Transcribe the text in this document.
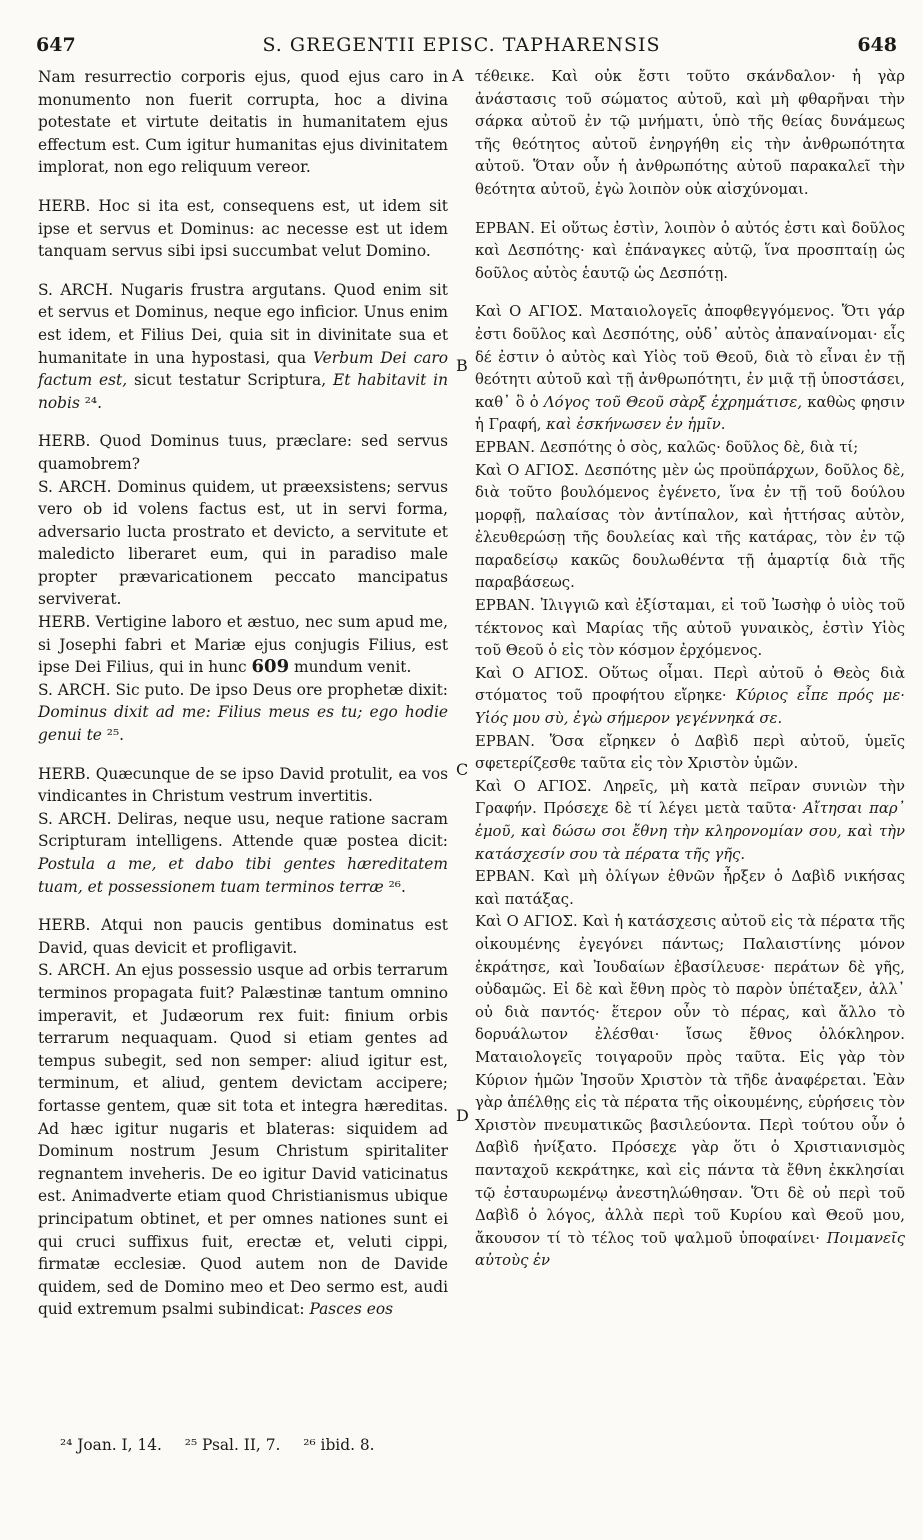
647	S. GREGENTII EPISC. TAPHARENSIS	648

Nam resurrectio corporis ejus, quod ejus caro in monumento non fuerit corrupta, hoc a divina potestate et virtute deitatis in humanitatem ejus effectum est. Cum igitur humanitas ejus divinitatem implorat, non ego reliquum vereor.

HERB. Hoc si ita est, consequens est, ut idem sit ipse et servus et Dominus: ac necesse est ut idem tanquam servus sibi ipsi succumbat velut Domino.

S. ARCH. Nugaris frustra argutans. Quod enim sit et servus et Dominus, neque ego inficior. Unus enim est idem, et Filius Dei, quia sit in divinitate sua et humanitate in una hypostasi, qua Verbum Dei caro factum est, sicut testatur Scriptura, Et habitavit in nobis ²⁴.

HERB. Quod Dominus tuus, præclare: sed servus quamobrem?

S. ARCH. Dominus quidem, ut præexsistens; servus vero ob id volens factus est, ut in servi forma, adversario lucta prostrato et devicto, a servitute et maledicto liberaret eum, qui in paradiso male propter prævaricationem peccato mancipatus serviverat.

HERB. Vertigine laboro et æstuo, nec sum apud me, si Josephi fabri et Mariæ ejus conjugis Filius, est ipse Dei Filius, qui in hunc 609 mundum venit.

S. ARCH. Sic puto. De ipso Deus ore prophetæ dixit: Dominus dixit ad me: Filius meus es tu; ego hodie genui te ²⁵.

HERB. Quæcunque de se ipso David protulit, ea vos vindicantes in Christum vestrum invertitis.

S. ARCH. Deliras, neque usu, neque ratione sacram Scripturam intelligens. Attende quæ postea dicit: Postula a me, et dabo tibi gentes hæreditatem tuam, et possessionem tuam terminos terræ ²⁶.

HERB. Atqui non paucis gentibus dominatus est David, quas devicit et profligavit.

S. ARCH. An ejus possessio usque ad orbis terrarum terminos propagata fuit? Palæstinæ tantum omnino imperavit, et Judæorum rex fuit: finium orbis terrarum nequaquam. Quod si etiam gentes ad tempus subegit, sed non semper: aliud igitur est, terminum, et aliud, gentem devictam accipere; fortasse gentem, quæ sit tota et integra hæreditas. Ad hæc igitur nugaris et blateras: siquidem ad Dominum nostrum Jesum Christum spiritaliter regnantem inveheris. De eo igitur David vaticinatus est. Animadverte etiam quod Christianismus ubique principatum obtinet, et per omnes nationes sunt ei qui cruci suffixus fuit, erectæ et, veluti cippi, firmatæ ecclesiæ. Quod autem non de Davide quidem, sed de Domino meo et Deo sermo est, audi quid extremum psalmi subindicat: Pasces eos

A
B
C
D

τέθεικε. Καὶ οὐκ ἔστι τοῦτο σκάνδαλον· ἡ γὰρ ἀνάστασις τοῦ σώματος αὐτοῦ, καὶ μὴ φθαρῆναι τὴν σάρκα αὐτοῦ ἐν τῷ μνήματι, ὑπὸ τῆς θείας δυνάμεως τῆς θεότητος αὐτοῦ ἐνηργήθη εἰς τὴν ἀνθρωπότητα αὐτοῦ. Ὅταν οὖν ἡ ἀνθρωπότης αὐτοῦ παρακαλεῖ τὴν θεότητα αὐτοῦ, ἐγὼ λοιπὸν οὐκ αἰσχύνομαι.

ΕΡΒΑΝ. Εἰ οὕτως ἐστὶν, λοιπὸν ὁ αὐτός ἐστι καὶ δοῦλος καὶ Δεσπότης· καὶ ἐπάναγκες αὐτῷ, ἵνα προσπταίῃ ὡς δοῦλος αὐτὸς ἑαυτῷ ὡς Δεσπότῃ.

Καὶ Ο ΑΓΙΟΣ. Ματαιολογεῖς ἀποφθεγγόμενος. Ὅτι γάρ ἐστι δοῦλος καὶ Δεσπότης, οὐδ᾽ αὐτὸς ἀπαναίνομαι· εἷς δέ ἐστιν ὁ αὐτὸς καὶ Υἱὸς τοῦ Θεοῦ, διὰ τὸ εἶναι ἐν τῇ θεότητι αὐτοῦ καὶ τῇ ἀνθρωπότητι, ἐν μιᾷ τῇ ὑποστάσει, καθ᾽ ὃ ὁ Λόγος τοῦ Θεοῦ σὰρξ ἐχρημάτισε, καθὼς φησιν ἡ Γραφή, καὶ ἐσκήνωσεν ἐν ἡμῖν.

ΕΡΒΑΝ. Δεσπότης ὁ σὸς, καλῶς· δοῦλος δὲ, διὰ τί;

Καὶ Ο ΑΓΙΟΣ. Δεσπότης μὲν ὡς προϋπάρχων, δοῦλος δὲ, διὰ τοῦτο βουλόμενος ἐγένετο, ἵνα ἐν τῇ τοῦ δούλου μορφῇ, παλαίσας τὸν ἀντίπαλον, καὶ ἡττήσας αὐτὸν, ἐλευθερώσῃ τῆς δουλείας καὶ τῆς κατάρας, τὸν ἐν τῷ παραδείσῳ κακῶς δουλωθέντα τῇ ἁμαρτίᾳ διὰ τῆς παραβάσεως.

ΕΡΒΑΝ. Ἰλιγγιῶ καὶ ἐξίσταμαι, εἰ τοῦ Ἰωσὴφ ὁ υἱὸς τοῦ τέκτονος καὶ Μαρίας τῆς αὐτοῦ γυναικὸς, ἐστὶν Υἱὸς τοῦ Θεοῦ ὁ εἰς τὸν κόσμον ἐρχόμενος.

Καὶ Ο ΑΓΙΟΣ. Οὕτως οἶμαι. Περὶ αὐτοῦ ὁ Θεὸς διὰ στόματος τοῦ προφήτου εἴρηκε· Κύριος εἶπε πρός με· Υἱός μου σὺ, ἐγὼ σήμερον γεγέννηκά σε.

ΕΡΒΑΝ. Ὅσα εἴρηκεν ὁ Δαβὶδ περὶ αὐτοῦ, ὑμεῖς σφετερίζεσθε ταῦτα εἰς τὸν Χριστὸν ὑμῶν.

Καὶ Ο ΑΓΙΟΣ. Ληρεῖς, μὴ κατὰ πεῖραν συνιὼν τὴν Γραφήν. Πρόσεχε δὲ τί λέγει μετὰ ταῦτα· Αἴτησαι παρ᾽ ἐμοῦ, καὶ δώσω σοι ἔθνη τὴν κληρονομίαν σου, καὶ τὴν κατάσχεσίν σου τὰ πέρατα τῆς γῆς.

ΕΡΒΑΝ. Καὶ μὴ ὀλίγων ἐθνῶν ἦρξεν ὁ Δαβὶδ νικήσας καὶ πατάξας.

Καὶ Ο ΑΓΙΟΣ. Καὶ ἡ κατάσχεσις αὐτοῦ εἰς τὰ πέρατα τῆς οἰκουμένης ἐγεγόνει πάντως; Παλαιστίνης μόνον ἐκράτησε, καὶ Ἰουδαίων ἐβασίλευσε· περάτων δὲ γῆς, οὐδαμῶς. Εἰ δὲ καὶ ἔθνη πρὸς τὸ παρὸν ὑπέταξεν, ἀλλ᾽ οὐ διὰ παντός· ἕτερον οὖν τὸ πέρας, καὶ ἄλλο τὸ δορυάλωτον ἐλέσθαι· ἴσως ἔθνος ὁλόκληρον. Ματαιολογεῖς τοιγαροῦν πρὸς ταῦτα. Εἰς γὰρ τὸν Κύριον ἡμῶν Ἰησοῦν Χριστὸν τὰ τῆδε ἀναφέρεται. Ἐὰν γὰρ ἀπέλθῃς εἰς τὰ πέρατα τῆς οἰκουμένης, εὑρήσεις τὸν Χριστὸν πνευματικῶς βασιλεύοντα. Περὶ τούτου οὖν ὁ Δαβὶδ ἠνίξατο. Πρόσεχε γὰρ ὅτι ὁ Χριστιανισμὸς πανταχοῦ κεκράτηκε, καὶ εἰς πάντα τὰ ἔθνη ἐκκλησίαι τῷ ἐσταυρωμένῳ ἀνεστηλώθησαν. Ὅτι δὲ οὐ περὶ τοῦ Δαβὶδ ὁ λόγος, ἀλλὰ περὶ τοῦ Κυρίου καὶ Θεοῦ μου, ἄκουσον τί τὸ τέλος τοῦ ψαλμοῦ ὑποφαίνει· Ποιμανεῖς αὐτοὺς ἐν

²⁴ Joan. I, 14. ²⁵ Psal. II, 7. ²⁶ ibid. 8.
